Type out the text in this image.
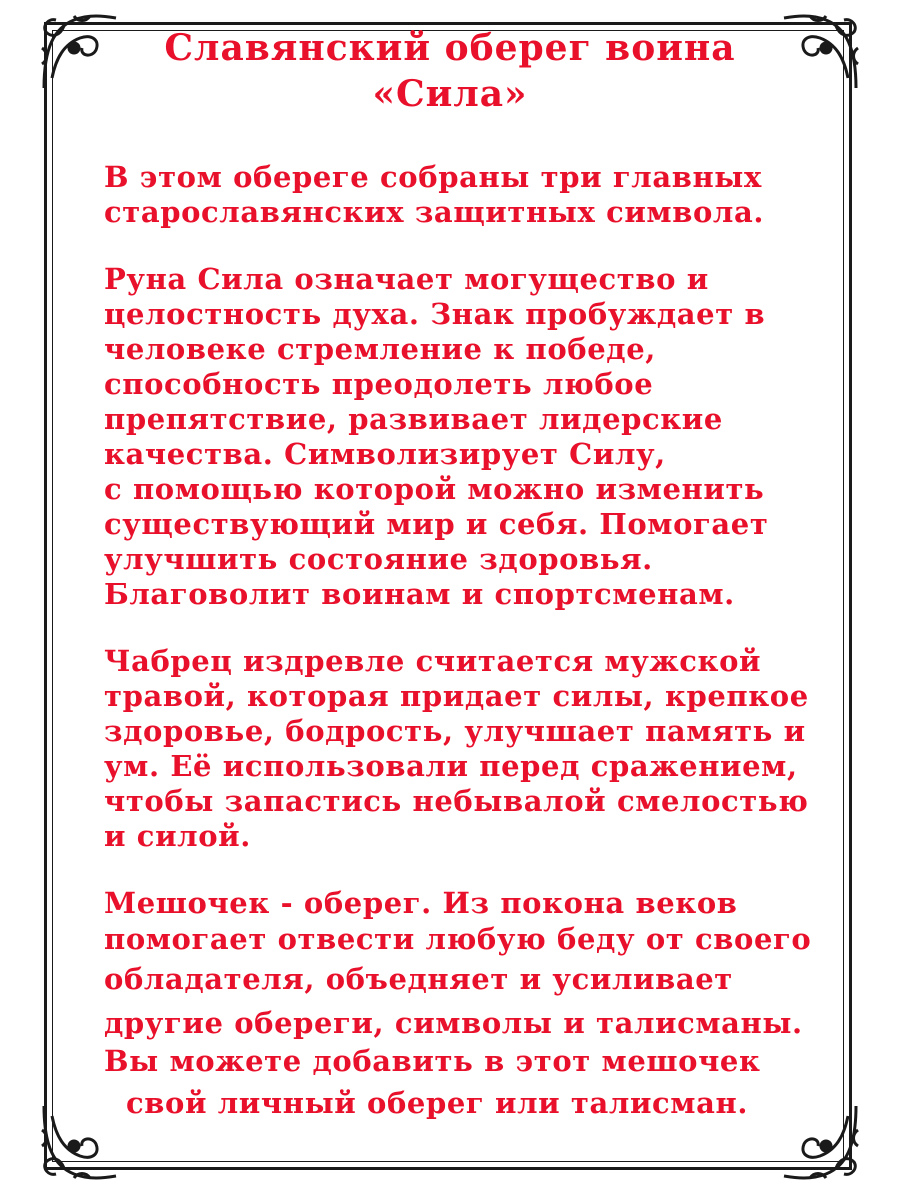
Славянский оберег воина
«Сила»
В этом обереге собраны три главных
старославянских защитных символа.
Руна Сила означает могущество и
целостность духа. Знак пробуждает в
человеке стремление к победе,
способность преодолеть любое
препятствие, развивает лидерские
качества. Символизирует Силу,
с помощью которой можно изменить
существующий мир и себя. Помогает
улучшить состояние здоровья.
Благоволит воинам и спортсменам.
Чабрец издревле считается мужской
травой, которая придает силы, крепкое
здоровье, бодрость, улучшает память и
ум. Её использовали перед сражением,
чтобы запастись небывалой смелостью
и силой.
Мешочек - оберег. Из покона веков
помогает отвести любую беду от своего
обладателя, объедняет и усиливает
другие обереги, символы и талисманы.
Вы можете добавить в этот мешочек
свой личный оберег или талисман.
